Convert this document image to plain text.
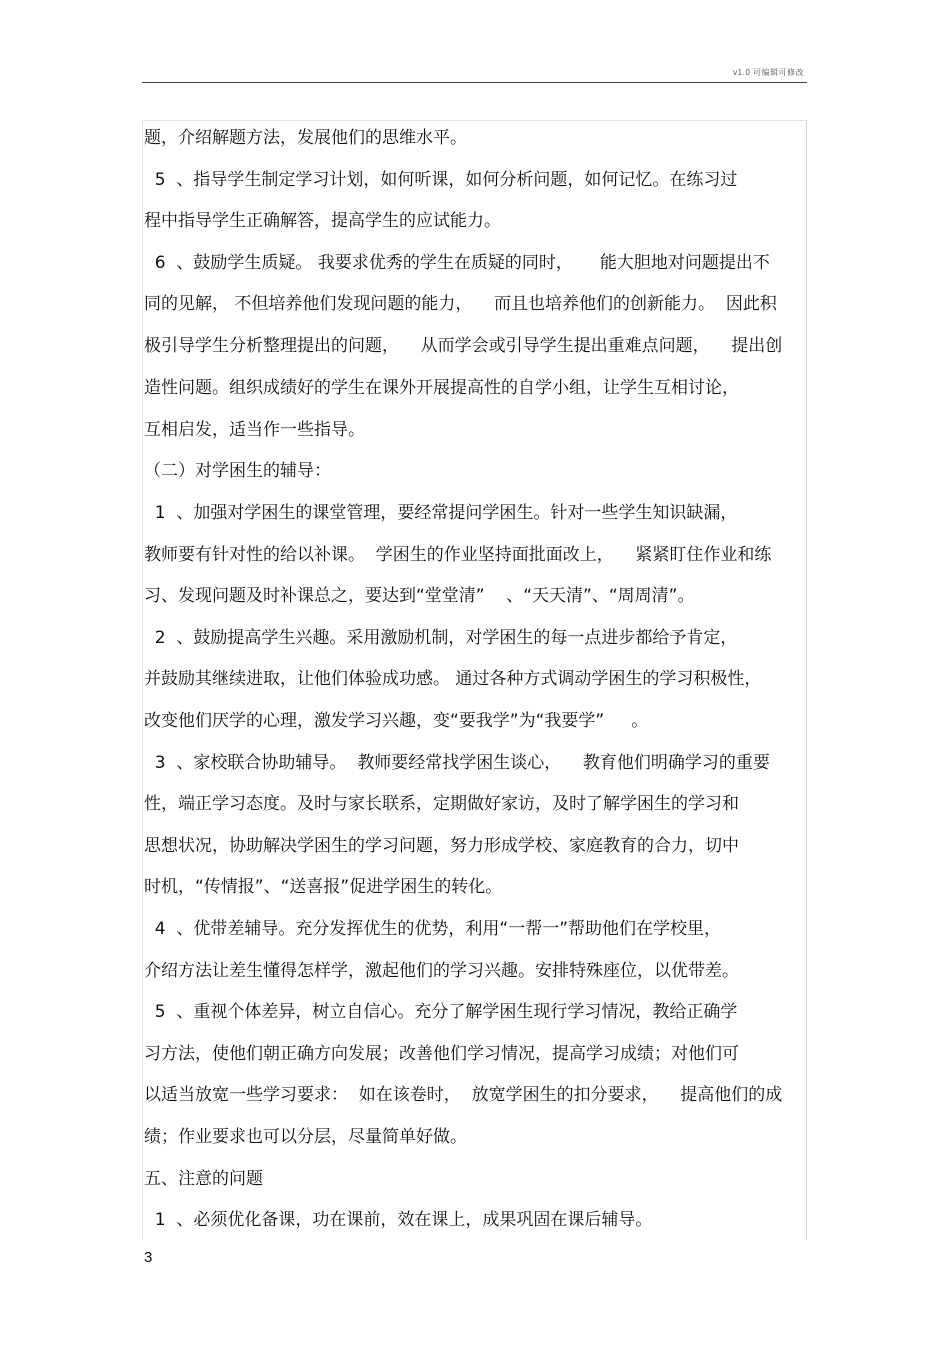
v1.0 可编辑可修改
题，介绍解题方法，发展他们的思维水平。
5  、指导学生制定学习计划，如何听课，如何分析问题，如何记忆。在练习过
程中指导学生正确解答，提高学生的应试能力。
6  、鼓励学生质疑。 我要求优秀的学生在质疑的同时，     能大胆地对问题提出不
同的见解， 不但培养他们发现问题的能力，    而且也培养他们的创新能力。  因此积
极引导学生分析整理提出的问题，    从而学会或引导学生提出重难点问题，    提出创
造性问题。组织成绩好的学生在课外开展提高性的自学小组，让学生互相讨论，
互相启发，适当作一些指导。
（二）对学困生的辅导：
1  、加强对学困生的课堂管理，要经常提问学困生。针对一些学生知识缺漏，
教师要有针对性的给以补课。  学困生的作业坚持面批面改上，    紧紧盯住作业和练
习、发现问题及时补课总之，要达到“堂堂清”    、“天天清”、“周周清”。
2  、鼓励提高学生兴趣。采用激励机制，对学困生的每一点进步都给予肯定，
并鼓励其继续进取，让他们体验成功感。 通过各种方式调动学困生的学习积极性，
改变他们厌学的心理，激发学习兴趣，变“要我学”为“我要学”     。
3  、家校联合协助辅导。  教师要经常找学困生谈心，    教育他们明确学习的重要
性，端正学习态度。及时与家长联系，定期做好家访，及时了解学困生的学习和
思想状况，协助解决学困生的学习问题，努力形成学校、家庭教育的合力，切中
时机，“传情报”、“送喜报”促进学困生的转化。
4  、优带差辅导。充分发挥优生的优势，利用“一帮一”帮助他们在学校里，
介绍方法让差生懂得怎样学，激起他们的学习兴趣。安排特殊座位，以优带差。
5  、重视个体差异，树立自信心。充分了解学困生现行学习情况，教给正确学
习方法，使他们朝正确方向发展；改善他们学习情况，提高学习成绩；对他们可
以适当放宽一些学习要求：  如在该卷时，  放宽学困生的扣分要求，    提高他们的成
绩；作业要求也可以分层，尽量简单好做。
五、注意的问题
1  、必须优化备课，功在课前，效在课上，成果巩固在课后辅导。
3
